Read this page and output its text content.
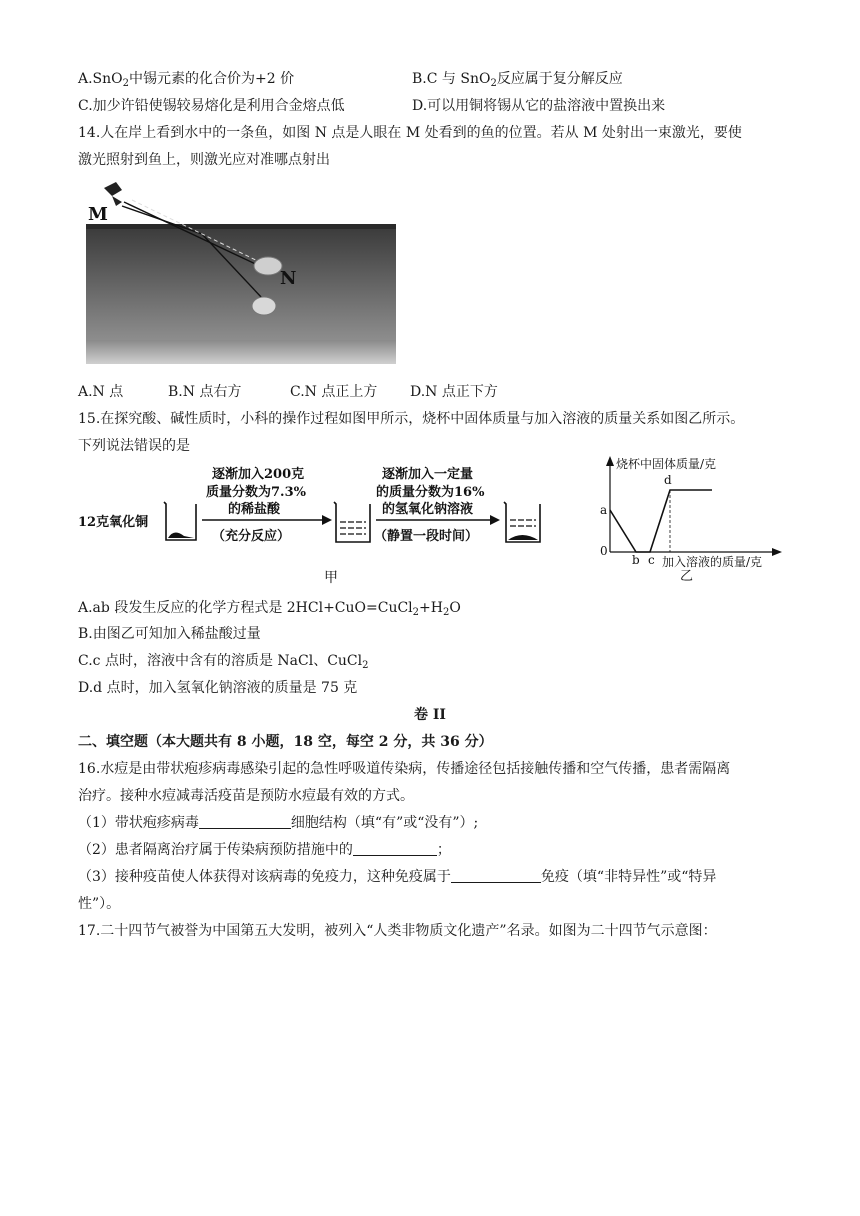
A.SnO$_2$中锡元素的化合价为+2 价	B.C 与 SnO$_2$反应属于复分解反应
C.加少许铅使锡较易熔化是利用合金熔点低	D.可以用铜将锡从它的盐溶液中置换出来
14.人在岸上看到水中的一条鱼，如图 N 点是人眼在 M 处看到的鱼的位置。若从 M 处射出一束激光，要使
激光照射到鱼上，则激光应对准哪点射出
M
N
A.N 点	B.N 点右方	C.N 点正上方 D.N 点正下方
15.在探究酸、碱性质时，小科的操作过程如图甲所示，烧杯中固体质量与加入溶液的质量关系如图乙所示。
下列说法错误的是
12克氧化铜
逐渐加入200克
质量分数为7.3%
的稀盐酸
（充分反应）
逐渐加入一定量
的质量分数为16%
的氢氧化钠溶液
（静置一段时间）
甲
烧杯中固体质量/克
加入溶液的质量/克
0
a
b c
d
乙
A.ab 段发生反应的化学方程式是 $2HCl+CuO=CuCl_2+H_2O$
B.由图乙可知加入稀盐酸过量
C.c 点时，溶液中含有的溶质是 NaCl、CuCl$_2$
D.d 点时，加入氢氧化钠溶液的质量是 75 克
卷 II
二、填空题（本大题共有 8 小题，18 空，每空 2 分，共 36 分）
16.水痘是由带状疱疹病毒感染引起的急性呼吸道传染病，传播途径包括接触传播和空气传播，患者需隔离
治疗。接种水痘减毒活疫苗是预防水痘最有效的方式。
（1）带状疱疹病毒	细胞结构（填“有”或“没有”）;
（2）患者隔离治疗属于传染病预防措施中的	；
（3）接种疫苗使人体获得对该病毒的免疫力，这种免疫属于	免疫（填“非特异性”或“特异
性”）。
17.二十四节气被誉为中国第五大发明，被列入“人类非物质文化遗产”名录。如图为二十四节气示意图：
